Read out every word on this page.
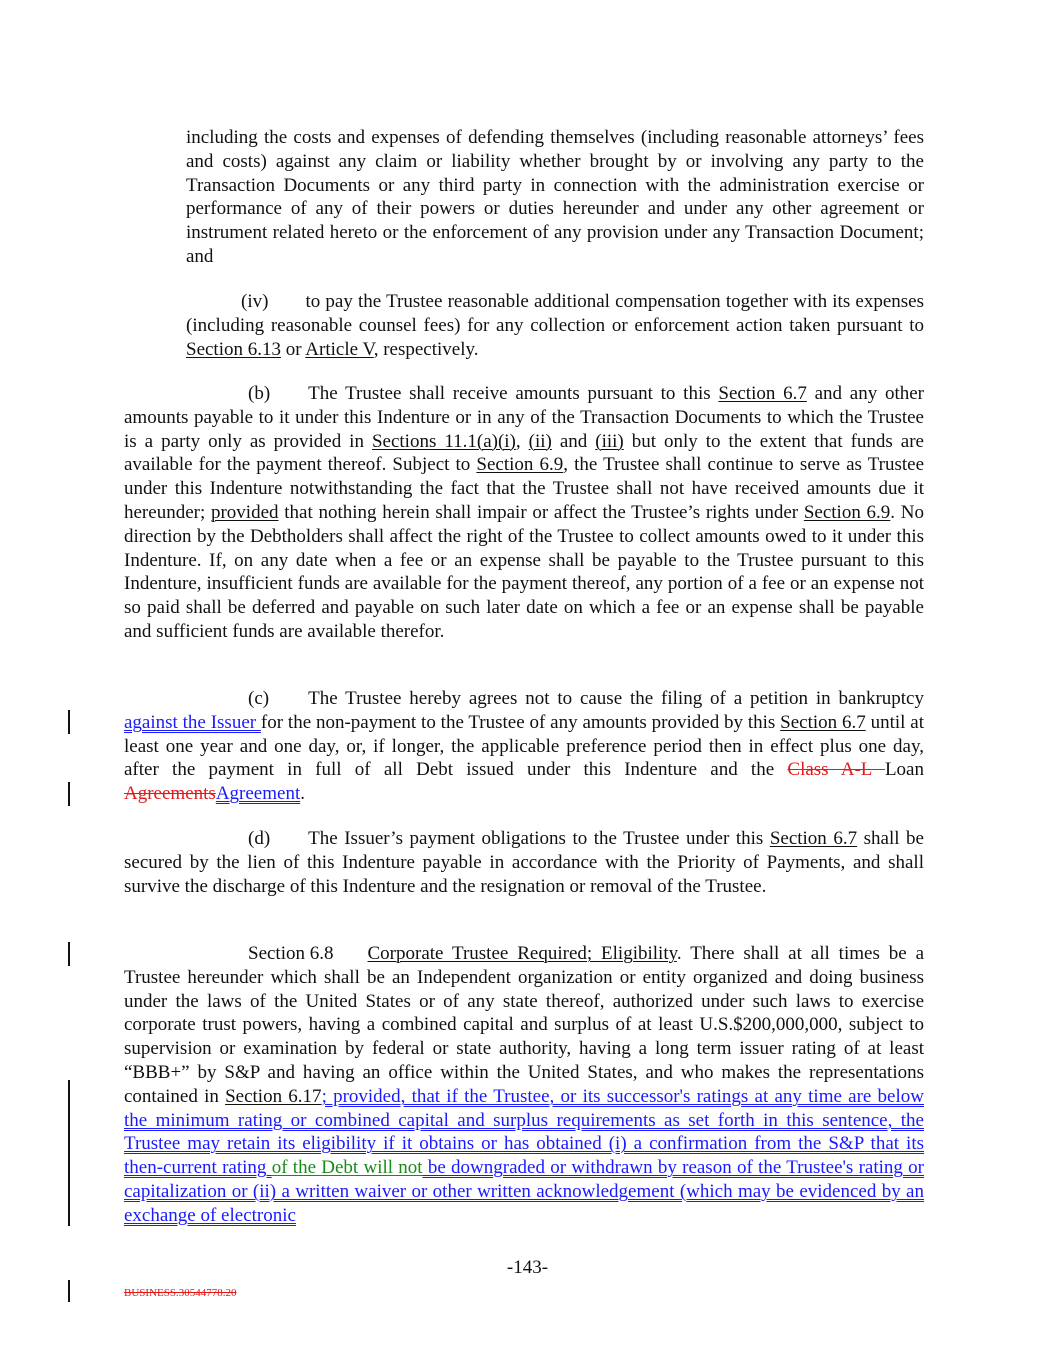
including the costs and expenses of defending themselves (including reasonable attorneys’ fees and costs) against any claim or liability whether brought by or involving any party to the Transaction Documents or any third party in connection with the administration exercise or performance of any of their powers or duties hereunder and under any other agreement or instrument related hereto or the enforcement of any provision under any Transaction Document; and
(iv) to pay the Trustee reasonable additional compensation together with its expenses (including reasonable counsel fees) for any collection or enforcement action taken pursuant to Section 6.13 or Article V, respectively.
(b) The Trustee shall receive amounts pursuant to this Section 6.7 and any other amounts payable to it under this Indenture or in any of the Transaction Documents to which the Trustee is a party only as provided in Sections 11.1(a)(i), (ii) and (iii) but only to the extent that funds are available for the payment thereof. Subject to Section 6.9, the Trustee shall continue to serve as Trustee under this Indenture notwithstanding the fact that the Trustee shall not have received amounts due it hereunder; provided that nothing herein shall impair or affect the Trustee’s rights under Section 6.9. No direction by the Debtholders shall affect the right of the Trustee to collect amounts owed to it under this Indenture. If, on any date when a fee or an expense shall be payable to the Trustee pursuant to this Indenture, insufficient funds are available for the payment thereof, any portion of a fee or an expense not so paid shall be deferred and payable on such later date on which a fee or an expense shall be payable and sufficient funds are available therefor.
(c) The Trustee hereby agrees not to cause the filing of a petition in bankruptcy against the Issuer for the non-payment to the Trustee of any amounts provided by this Section 6.7 until at least one year and one day, or, if longer, the applicable preference period then in effect plus one day, after the payment in full of all Debt issued under this Indenture and the Class A-L Loan AgreementsAgreement.
(d) The Issuer’s payment obligations to the Trustee under this Section 6.7 shall be secured by the lien of this Indenture payable in accordance with the Priority of Payments, and shall survive the discharge of this Indenture and the resignation or removal of the Trustee.
Section 6.8 Corporate Trustee Required; Eligibility. There shall at all times be a Trustee hereunder which shall be an Independent organization or entity organized and doing business under the laws of the United States or of any state thereof, authorized under such laws to exercise corporate trust powers, having a combined capital and surplus of at least U.S.$200,000,000, subject to supervision or examination by federal or state authority, having a long term issuer rating of at least “BBB+” by S&P and having an office within the United States, and who makes the representations contained in Section 6.17; provided, that if the Trustee, or its successor's ratings at any time are below the minimum rating or combined capital and surplus requirements as set forth in this sentence, the Trustee may retain its eligibility if it obtains or has obtained (i) a confirmation from the S&P that its then-current rating of the Debt will not be downgraded or withdrawn by reason of the Trustee's rating or capitalization or (ii) a written waiver or other written acknowledgement (which may be evidenced by an exchange of electronic
-143-
BUSINESS.30544778.20
